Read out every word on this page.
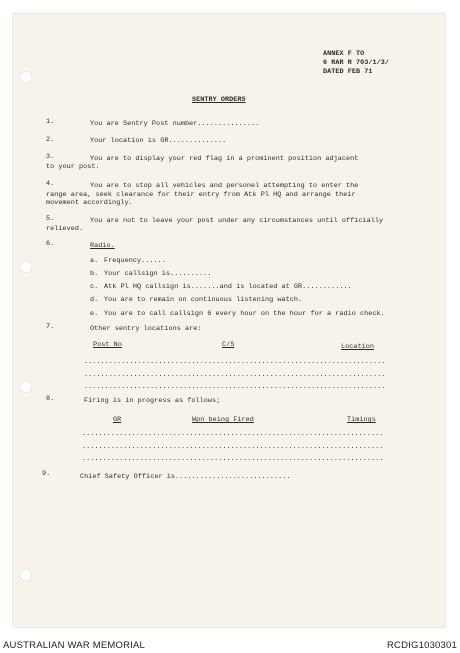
ANNEX F TO
6 RAR R 703/1/3/
DATED FEB 71
SENTRY ORDERS
1.	You are Sentry Post number...............
2.	Your location is GR..............
3.	You are to display your red flag in a prominent position adjacent
to your post.
4.	You are to stop all vehicles and personel attempting to enter the
range area, seek clearance for their entry from Atk Pl HQ and arrange their
movement accordingly.
5.	You are not to leave your post under any circumstances until officially
relieved.
6.	Radio.
a. Frequency......
b. Your callsign is..........
c. Atk Pl HQ callsign is.......and is located at GR............
d. You are to remain on continuous listening watch.
e. You are to call callsign 6 every hour on the hour for a radio check.
7.	Other sentry locations are:
Post No	C/S	Location
.........................................................................
.........................................................................
.........................................................................
8.	Firing is in progress as follows;
GR	Wpn being Fired	Timings
.........................................................................
.........................................................................
.........................................................................
9.	Chief Safety Officer is............................
AUSTRALIAN WAR MEMORIAL	RCDIG1030301
